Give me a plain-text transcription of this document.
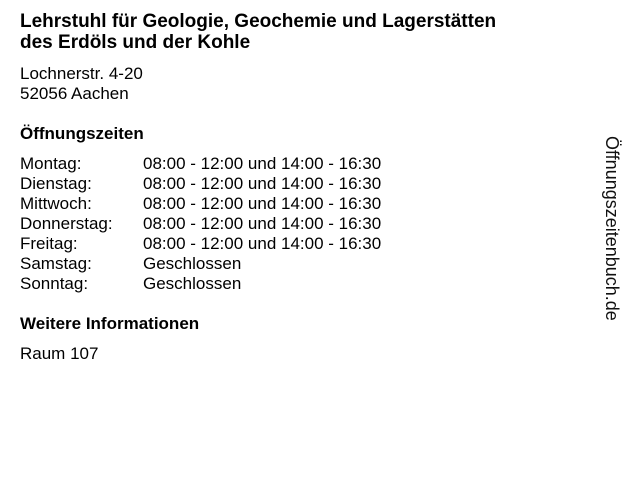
Lehrstuhl für Geologie, Geochemie und Lagerstätten
des Erdöls und der Kohle
Lochnerstr. 4-20
52056 Aachen
Öffnungszeiten
Montag:	08:00 - 12:00 und 14:00 - 16:30
Dienstag:	08:00 - 12:00 und 14:00 - 16:30
Mittwoch:	08:00 - 12:00 und 14:00 - 16:30
Donnerstag:	08:00 - 12:00 und 14:00 - 16:30
Freitag:	08:00 - 12:00 und 14:00 - 16:30
Samstag:	Geschlossen
Sonntag:	Geschlossen
Weitere Informationen
Raum 107
Öffnungszeitenbuch.de
